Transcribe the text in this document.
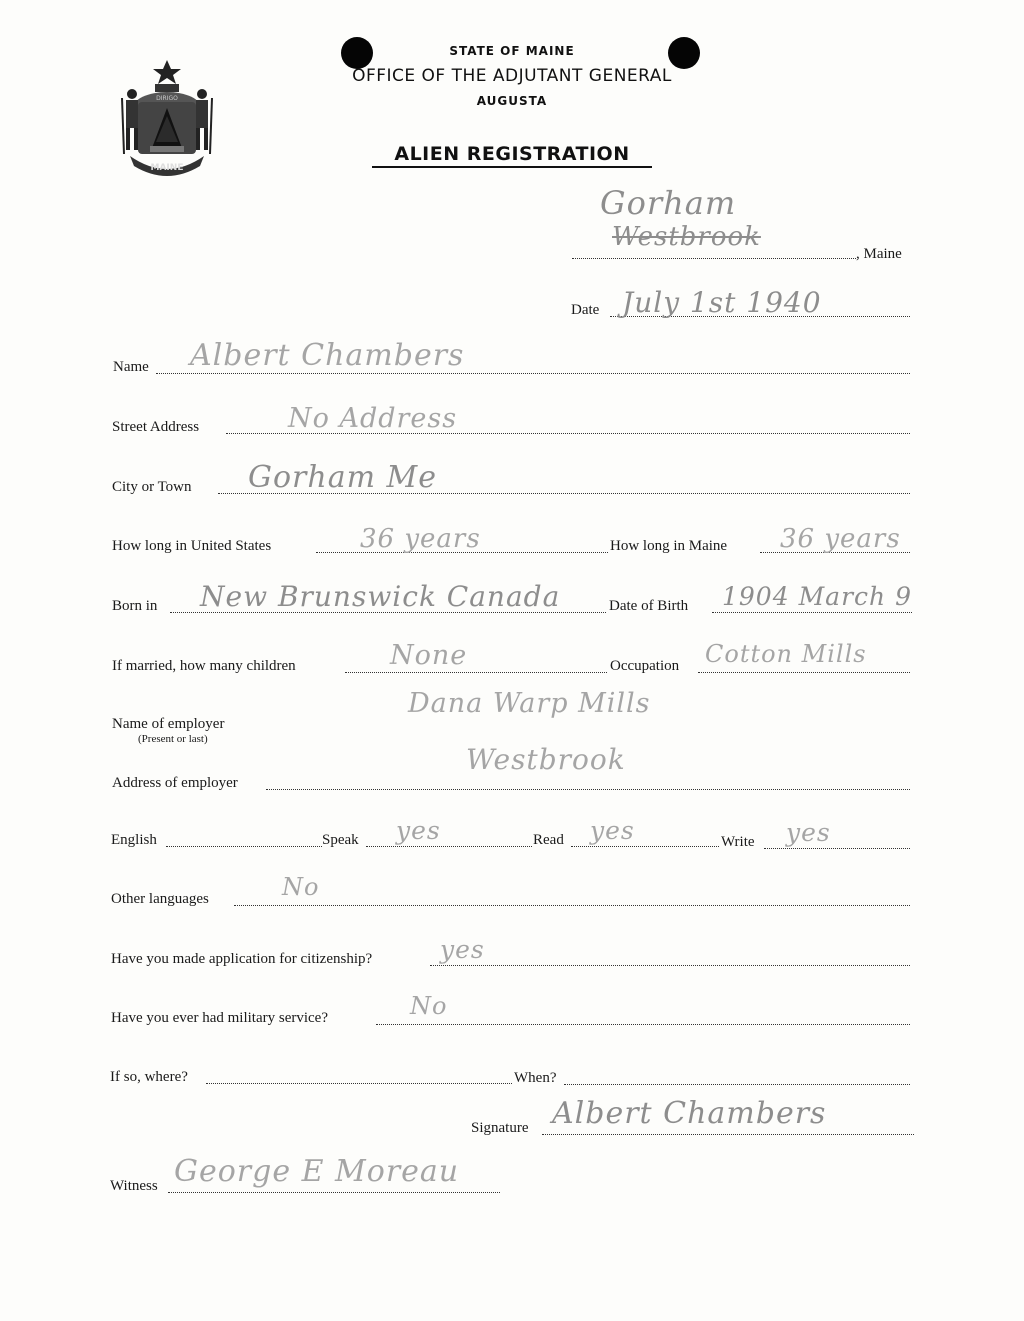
MAINE
DIRIGO
STATE OF MAINE
OFFICE OF THE ADJUTANT GENERAL
AUGUSTA
ALIEN REGISTRATION
Gorham
Westbrook
, Maine
Date July 1st 1940
Name Albert Chambers
Street Address	No Address
City or Town Gorham Me
How long in United States	36 years	How long in Maine 36 years
Born in New Brunswick Canada	Date of Birth 1904 March 9
If married, how many children	None	Occupation Cotton Mills
Dana Warp Mills
Name of employer
(Present or last)
Westbrook
Address of employer
English	Speak yes	Read yes	Write yes
Other languages	No
Have you made application for citizenship?	yes
Have you ever had military service?	No
If so, where?	When?
Signature Albert Chambers
Witness George E Moreau
